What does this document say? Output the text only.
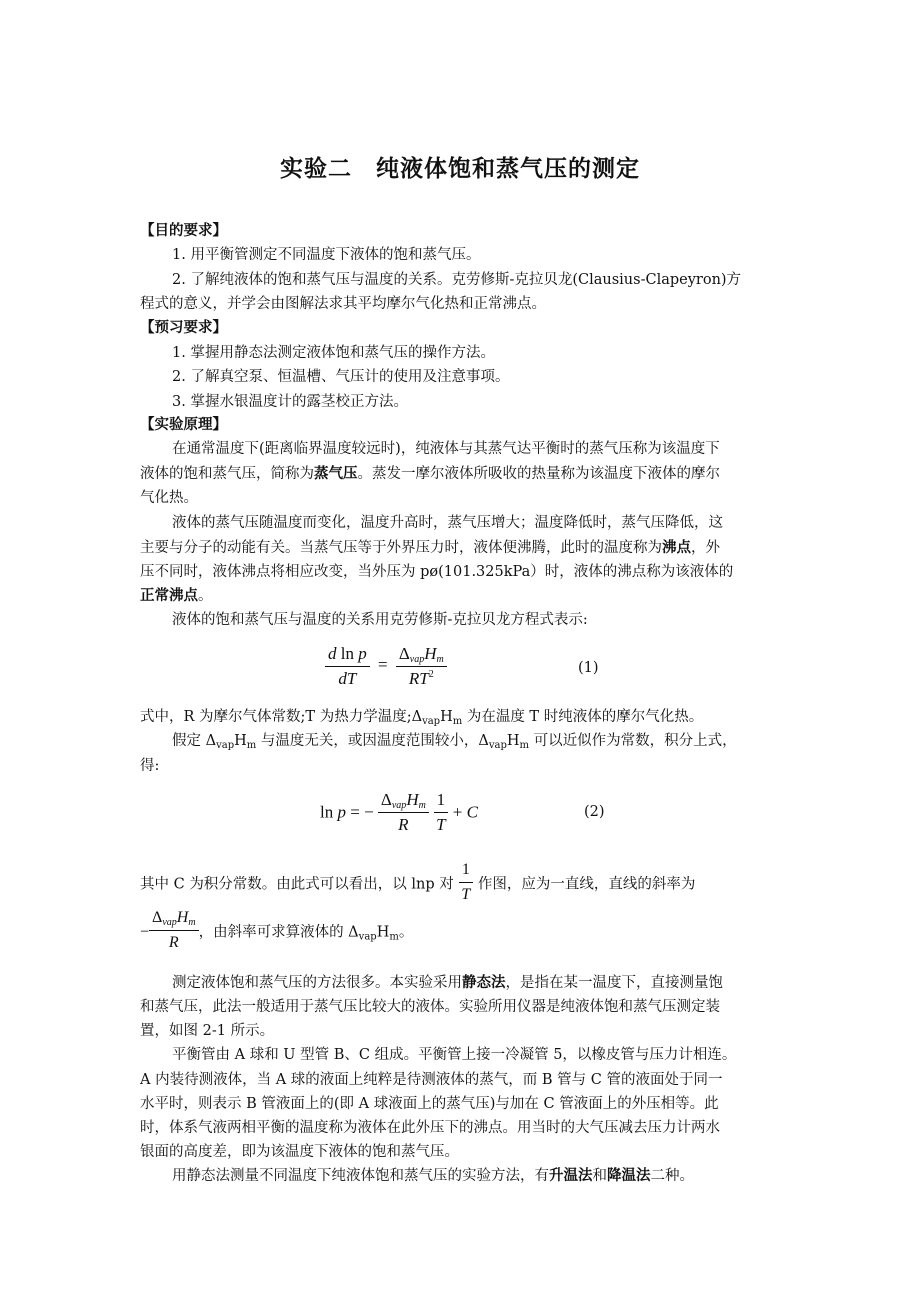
实验二　纯液体饱和蒸气压的测定
【目的要求】
1. 用平衡管测定不同温度下液体的饱和蒸气压。
2. 了解纯液体的饱和蒸气压与温度的关系。克劳修斯-克拉贝龙(Clausius-Clapeyron)方
程式的意义，并学会由图解法求其平均摩尔气化热和正常沸点。
【预习要求】
1. 掌握用静态法测定液体饱和蒸气压的操作方法。
2. 了解真空泵、恒温槽、气压计的使用及注意事项。
3. 掌握水银温度计的露茎校正方法。
【实验原理】
在通常温度下(距离临界温度较远时)，纯液体与其蒸气达平衡时的蒸气压称为该温度下
液体的饱和蒸气压，简称为蒸气压。蒸发一摩尔液体所吸收的热量称为该温度下液体的摩尔
气化热。
液体的蒸气压随温度而变化，温度升高时，蒸气压增大；温度降低时，蒸气压降低，这
主要与分子的动能有关。当蒸气压等于外界压力时，液体便沸腾，此时的温度称为沸点，外
压不同时，液体沸点将相应改变，当外压为 pø(101.325kPa）时，液体的沸点称为该液体的
正常沸点。
液体的饱和蒸气压与温度的关系用克劳修斯-克拉贝龙方程式表示:
$\frac{\text{d ln p}}{dT} = \frac{\Delta_{vap}H_m}{RT^2}$	(1)
式中，R 为摩尔气体常数;T 为热力学温度$;\Delta_{vap}H_m$ 为在温度 T 时纯液体的摩尔气化热。
假定 $\Delta_{vap}H_m$ 与温度无关，或因温度范围较小，$\Delta_{vap}H_m$ 可以近似作为常数，积分上式，
得:
ln p = − $\frac{\Delta_{vap}H_m}{R}$
$\frac{1}{T} + C$	(2)
其中 C 为积分常数。由此式可以看出，以 lnp 对 $\frac{1}{T}$ 作图，应为一直线，直线的斜率为
− $\frac{\Delta_{vap}H_m}{R}$ ，由斜率可求算液体的 $\Delta_{vap}H_m$。
测定液体饱和蒸气压的方法很多。本实验采用静态法，是指在某一温度下，直接测量饱
和蒸气压，此法一般适用于蒸气压比较大的液体。实验所用仪器是纯液体饱和蒸气压测定装
置，如图 2-1 所示。
平衡管由 A 球和 U 型管 B、C 组成。平衡管上接一冷凝管 5，以橡皮管与压力计相连。
A 内装待测液体，当 A 球的液面上纯粹是待测液体的蒸气，而 B 管与 C 管的液面处于同一
水平时，则表示 B 管液面上的(即 A 球液面上的蒸气压)与加在 C 管液面上的外压相等。此
时，体系气液两相平衡的温度称为液体在此外压下的沸点。用当时的大气压减去压力计两水
银面的高度差，即为该温度下液体的饱和蒸气压。
用静态法测量不同温度下纯液体饱和蒸气压的实验方法，有升温法和降温法二种。
